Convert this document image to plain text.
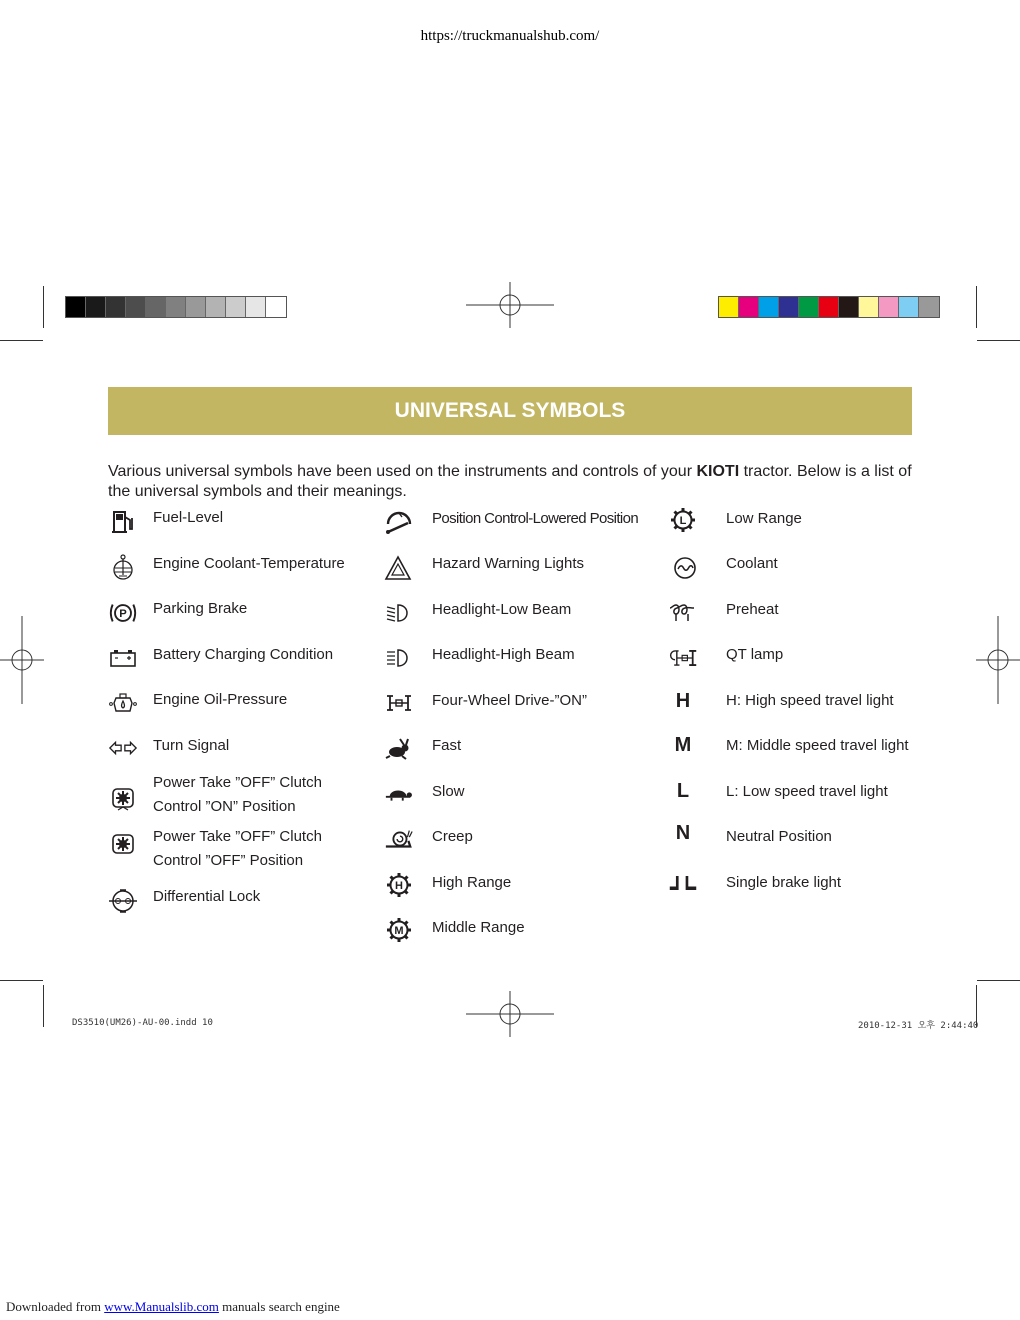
https://truckmanualshub.com/
UNIVERSAL SYMBOLS
Various universal symbols have been used on the instruments and controls of your KIOTI tractor. Below is a list of the universal symbols and their meanings.
Fuel-Level
Engine Coolant-Temperature
P Parking Brake
Battery Charging Condition
Engine Oil-Pressure
Turn Signal
Power Take ”OFF” Clutch Control ”ON” Position
Power Take ”OFF” Clutch Control ”OFF” Position
Differential Lock
Position Control-Lowered Position
Hazard Warning Lights
Headlight-Low Beam
Headlight-High Beam
Four-Wheel Drive-”ON”
Fast
Slow
Creep
H High Range
M Middle Range
L	Low Range
Coolant
Preheat
QT lamp
H	H: High speed travel light
M	M: Middle speed travel light
L	L: Low speed travel light
N	Neutral Position
Single brake light
DS3510(UM26)-AU-00.indd 10	2010-12-31 오후 2:44:40
Downloaded from www.Manualslib.com manuals search engine
